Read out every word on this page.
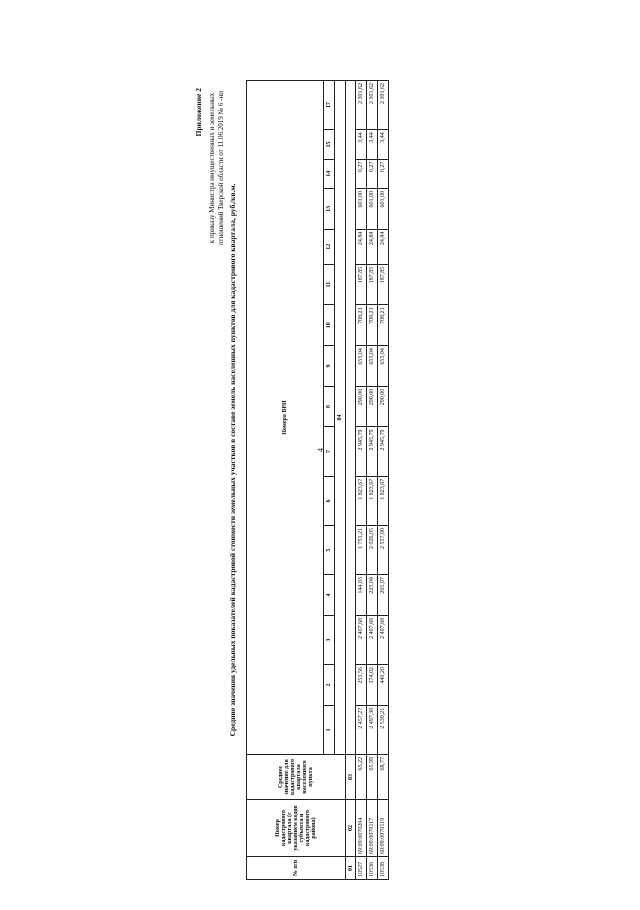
4
Приложение 2 к приказу Министра имущественных и земельных отношений Тверской области от 11.06.2019 № 6 -нп
Средние значения удельных показателей кадастровой стоимости земельных участков в составе земель населенных пунктов для кадастрового квартала, руб./кв.м.
№ п/п	Номер кадастрового квартала (с указанием кодов субъекта и кадастрового района)	Среднее значение для кадастрового квартала населенного пункта	Номера ВРИ															
			1	2	3	4	5	6	7	8	9	10	11	12	13	14	15	17
			04															
01	02	03																
10527	69:09:0070204	65,22	2 457,27	253,56	2 407,68	144,03	1 751,21	1 823,67	2 945,79	290,00	655,04	708,21	187,85	24,84	601,00	0,27	3,44	2 301,62
10536	69:09:0070117	65,99	2 497,30	374,02	2 407,68	225,04	2 026,05	1 823,67	2 945,79	290,00	655,04	708,21	187,85	24,84	601,00	0,27	3,44	2 301,62
10538	69:09:0070119	68,77	2 530,21	440,20	2 407,68	265,07	2 557,00	1 823,67	2 945,79	290,00	655,04	708,21	187,85	24,84	601,00	0,27	3,44	2 301,62
